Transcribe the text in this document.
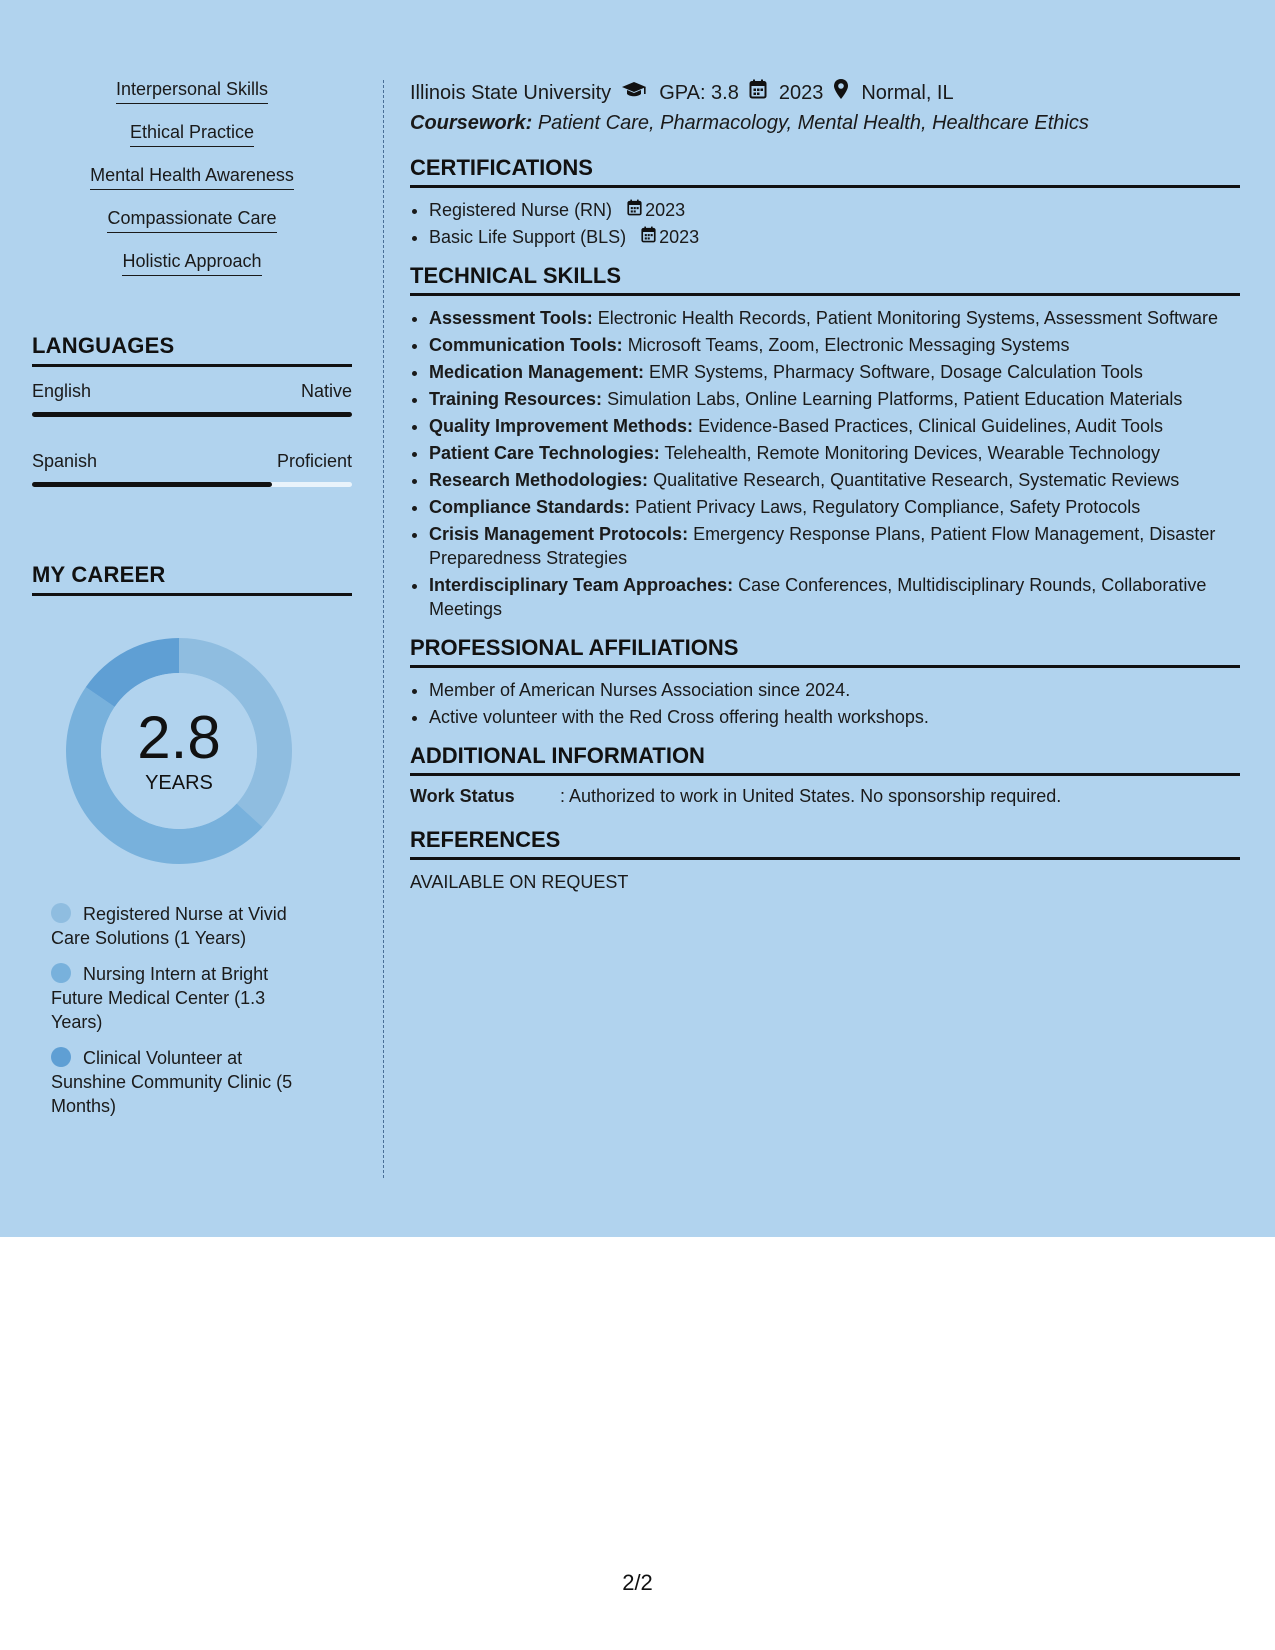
Interpersonal Skills
Ethical Practice
Mental Health Awareness
Compassionate Care
Holistic Approach
LANGUAGES
English	Native
Spanish	Proficient
MY CAREER
2.8
YEARS
Registered Nurse at Vivid Care Solutions (1 Years)
Nursing Intern at Bright Future Medical Center (1.3 Years)
Clinical Volunteer at Sunshine Community Clinic (5 Months)
Illinois State University GPA: 3.8 2023 Normal, IL
Coursework: Patient Care, Pharmacology, Mental Health, Healthcare Ethics
CERTIFICATIONS
• Registered Nurse (RN) 2023
• Basic Life Support (BLS) 2023
TECHNICAL SKILLS
• Assessment Tools: Electronic Health Records, Patient Monitoring Systems, Assessment Software
• Communication Tools: Microsoft Teams, Zoom, Electronic Messaging Systems
• Medication Management: EMR Systems, Pharmacy Software, Dosage Calculation Tools
• Training Resources: Simulation Labs, Online Learning Platforms, Patient Education Materials
• Quality Improvement Methods: Evidence-Based Practices, Clinical Guidelines, Audit Tools
• Patient Care Technologies: Telehealth, Remote Monitoring Devices, Wearable Technology
• Research Methodologies: Qualitative Research, Quantitative Research, Systematic Reviews
• Compliance Standards: Patient Privacy Laws, Regulatory Compliance, Safety Protocols
• Crisis Management Protocols: Emergency Response Plans, Patient Flow Management, Disaster Preparedness Strategies
• Interdisciplinary Team Approaches: Case Conferences, Multidisciplinary Rounds, Collaborative Meetings
PROFESSIONAL AFFILIATIONS
• Member of American Nurses Association since 2024.
• Active volunteer with the Red Cross offering health workshops.
ADDITIONAL INFORMATION
Work Status	: Authorized to work in United States. No sponsorship required.
REFERENCES
AVAILABLE ON REQUEST
2/2
